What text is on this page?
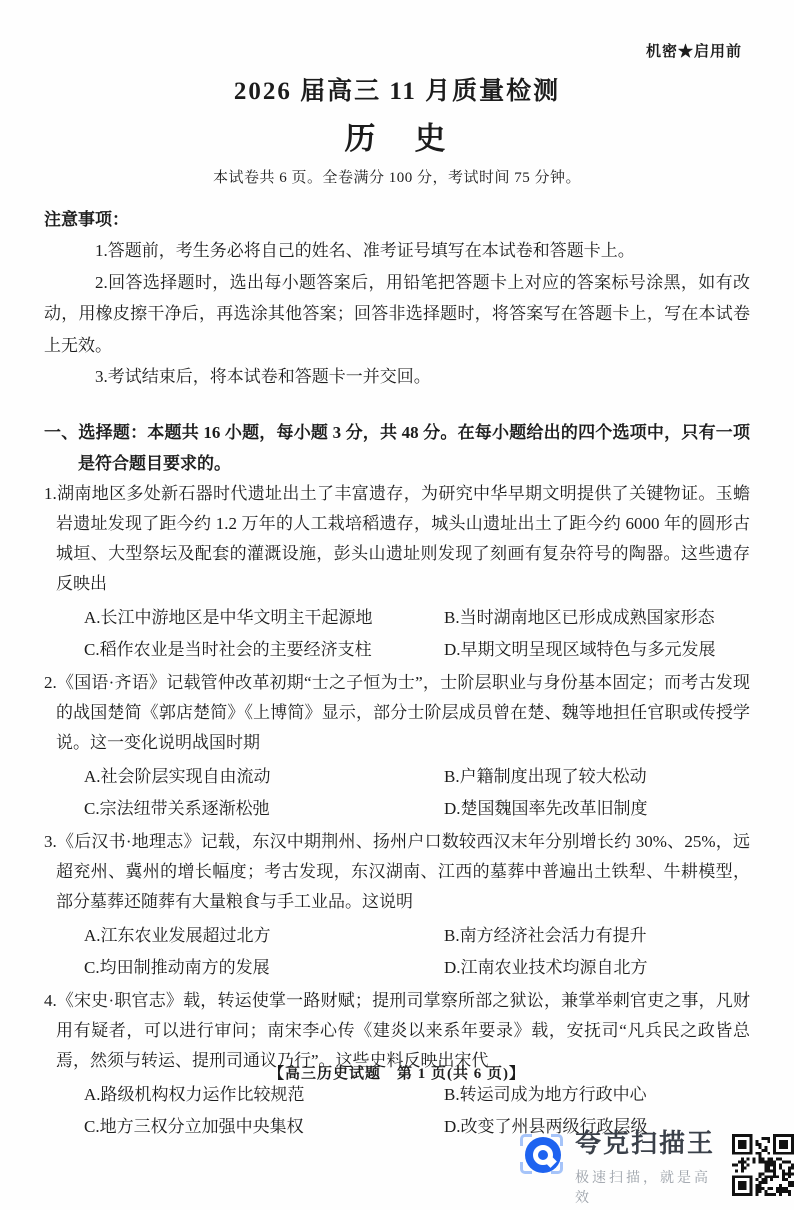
机密★启用前
2026 届高三 11 月质量检测
历　史
本试卷共 6 页。全卷满分 100 分，考试时间 75 分钟。
注意事项：

1.答题前，考生务必将自己的姓名、准考证号填写在本试卷和答题卡上。

2.回答选择题时，选出每小题答案后，用铅笔把答题卡上对应的答案标号涂黑，如有改动，用橡皮擦干净后，再选涂其他答案；回答非选择题时，将答案写在答题卡上，写在本试卷上无效。

3.考试结束后，将本试卷和答题卡一并交回。

一、选择题：本题共 16 小题，每小题 3 分，共 48 分。在每小题给出的四个选项中，只有一项是符合题目要求的。

1.湖南地区多处新石器时代遗址出土了丰富遗存，为研究中华早期文明提供了关键物证。玉蟾岩遗址发现了距今约 1.2 万年的人工栽培稻遗存，城头山遗址出土了距今约 6000 年的圆形古城垣、大型祭坛及配套的灌溉设施，彭头山遗址则发现了刻画有复杂符号的陶器。这些遗存反映出

A.长江中游地区是中华文明主干起源地	B.当时湖南地区已形成成熟国家形态
C.稻作农业是当时社会的主要经济支柱	D.早期文明呈现区域特色与多元发展

2.《国语·齐语》记载管仲改革初期“士之子恒为士”，士阶层职业与身份基本固定；而考古发现的战国楚简《郭店楚简》《上博简》显示，部分士阶层成员曾在楚、魏等地担任官职或传授学说。这一变化说明战国时期

A.社会阶层实现自由流动	B.户籍制度出现了较大松动
C.宗法纽带关系逐渐松弛	D.楚国魏国率先改革旧制度

3.《后汉书·地理志》记载，东汉中期荆州、扬州户口数较西汉末年分别增长约 30%、25%，远超兖州、冀州的增长幅度；考古发现，东汉湖南、江西的墓葬中普遍出土铁犁、牛耕模型，部分墓葬还随葬有大量粮食与手工业品。这说明

A.江东农业发展超过北方	B.南方经济社会活力有提升
C.均田制推动南方的发展	D.江南农业技术均源自北方

4.《宋史·职官志》载，转运使掌一路财赋；提刑司掌察所部之狱讼，兼掌举刺官吏之事，凡财用有疑者，可以进行审问；南宋李心传《建炎以来系年要录》载，安抚司“凡兵民之政皆总焉，然须与转运、提刑司通议乃行”。这些史料反映出宋代

A.路级机构权力运作比较规范	B.转运司成为地方行政中心
C.地方三权分立加强中央集权	D.改变了州县两级行政层级
【高三历史试题　第 1 页(共 6 页)】
夸克扫描王
极速扫描，就是高效
